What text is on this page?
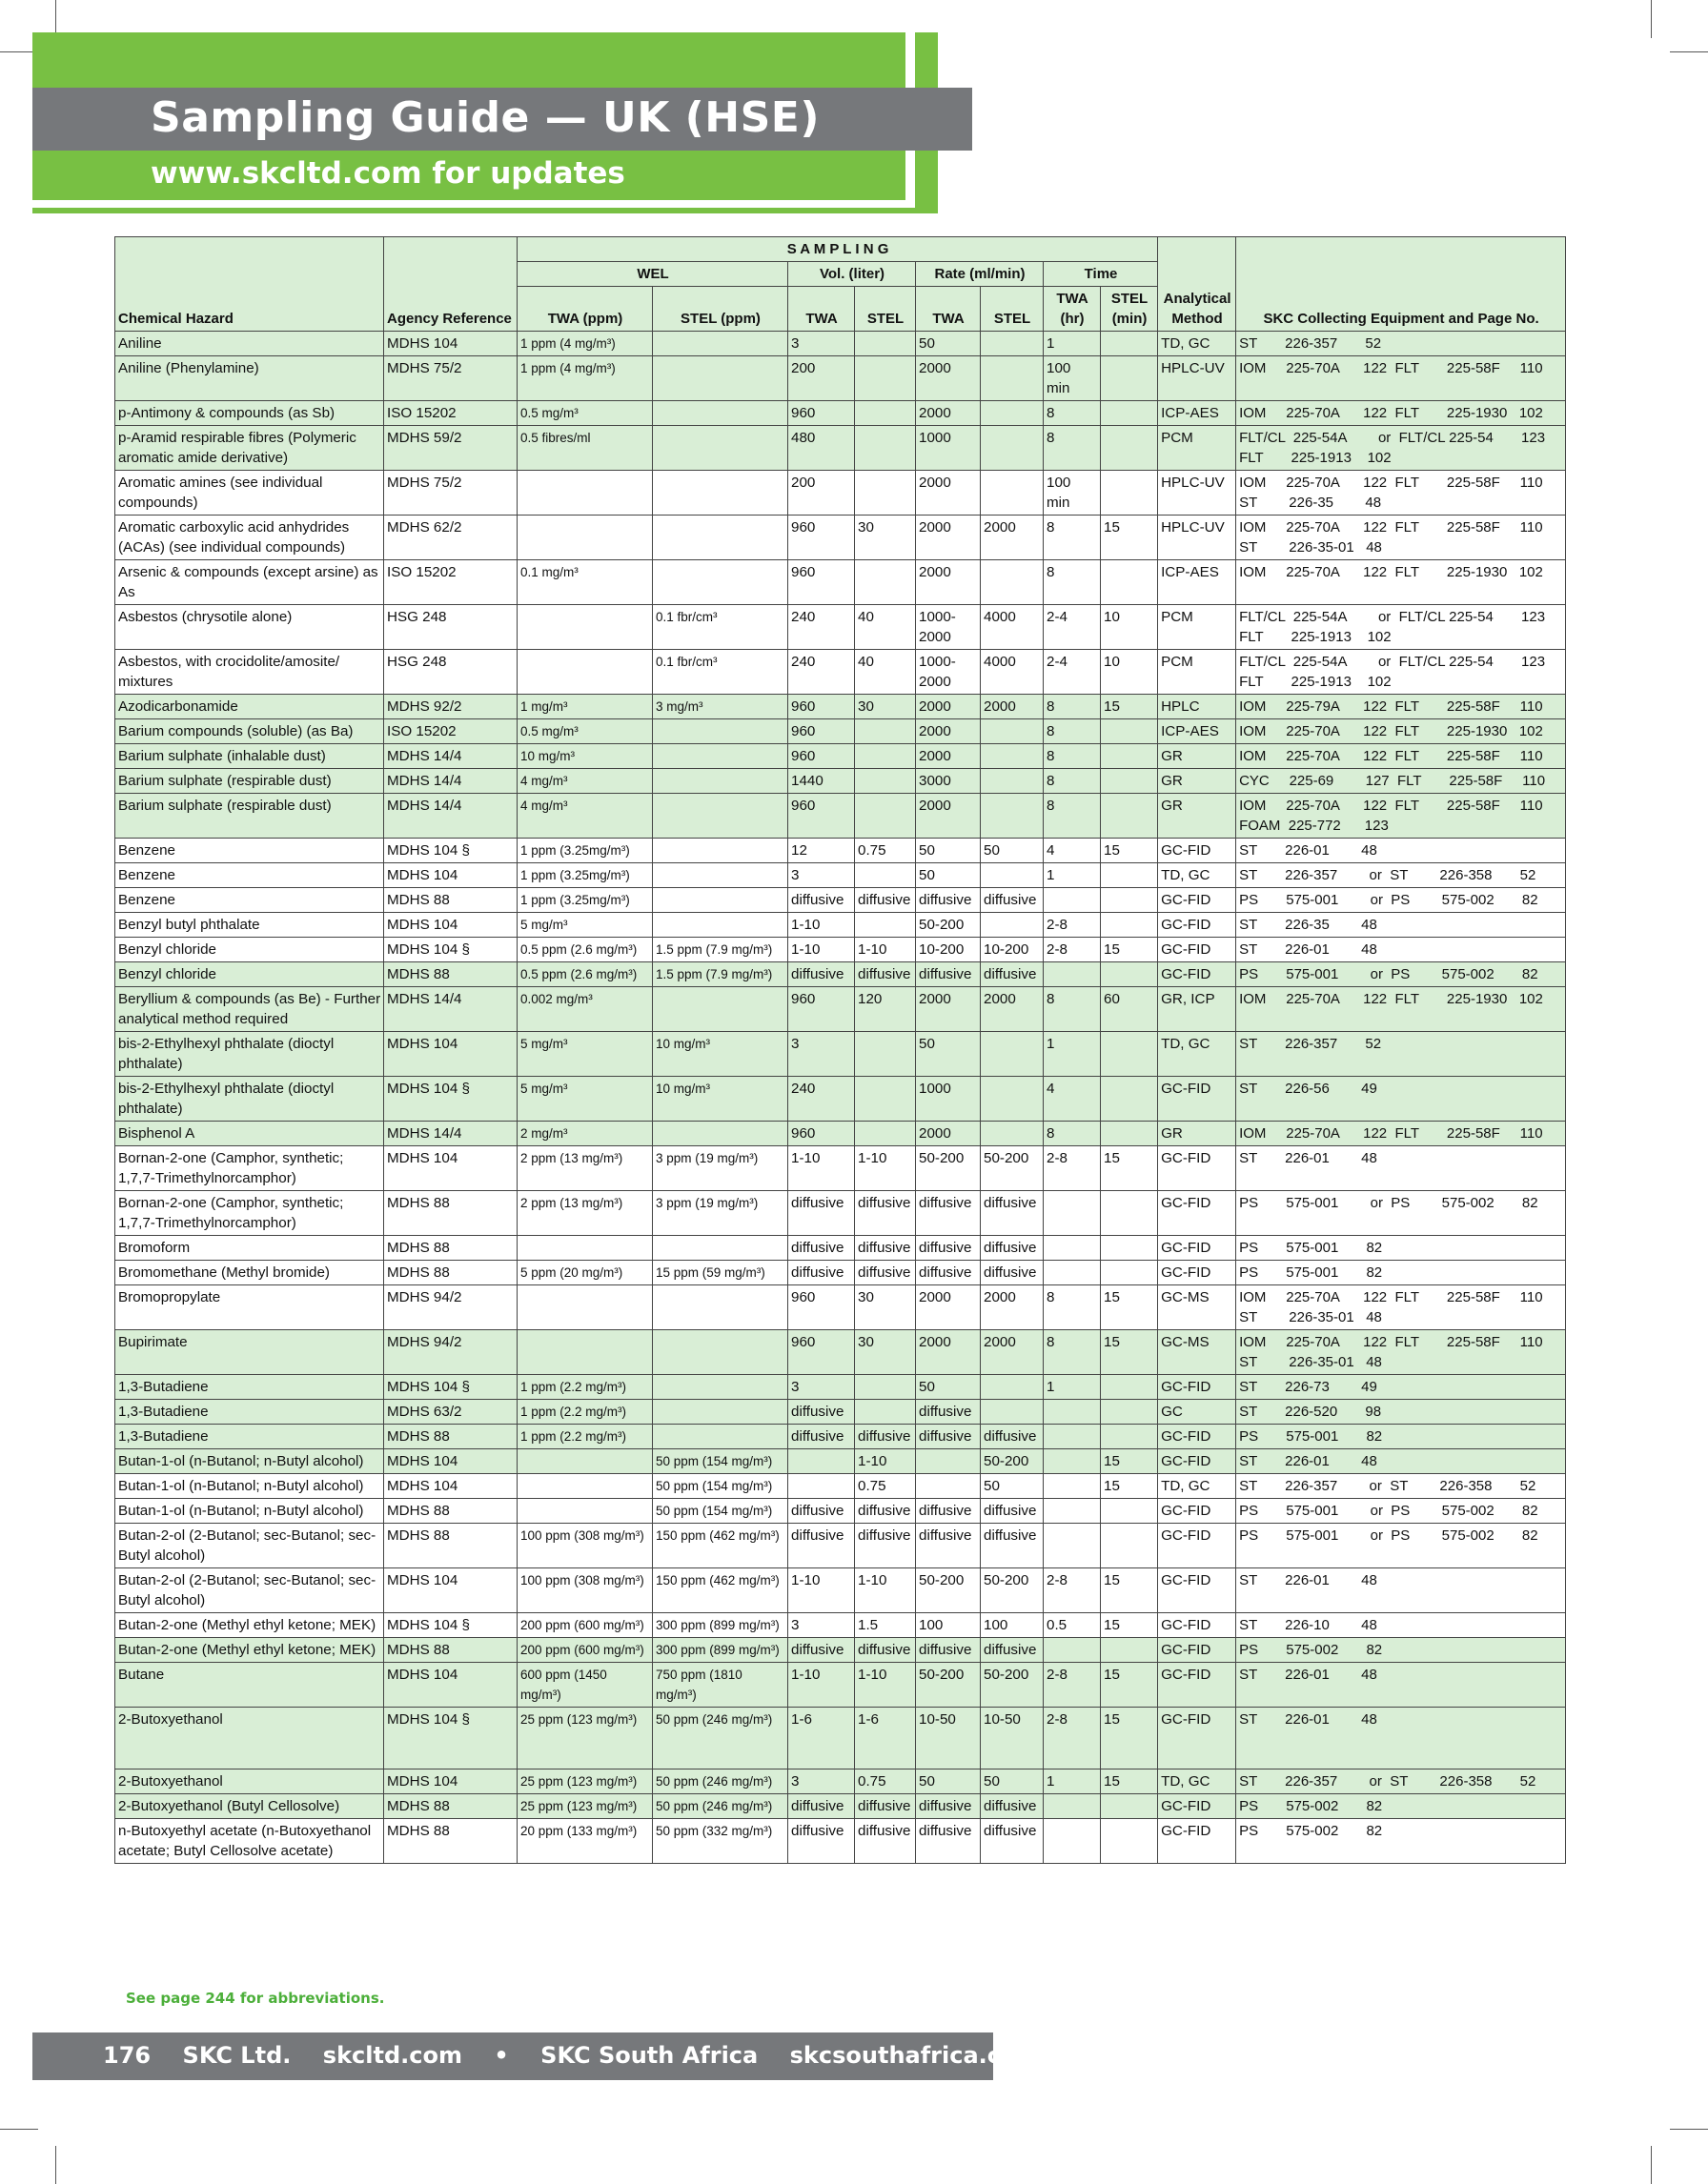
Sampling Guide — UK (HSE)
www.skcltd.com for updates
Chemical Hazard	Agency Reference	S A M P L I N G								Analytical Method	SKC Collecting Equipment and Page No.
		WEL		Vol. (liter)		Rate (ml/min)		Time			
		TWA (ppm)	STEL (ppm)	TWA	STEL	TWA	STEL	TWA (hr)	STEL (min)		
Aniline	MDHS 104	1 ppm (4 mg/m³)		3		50		1		TD, GC	ST       226-357       52
Aniline (Phenylamine)	MDHS 75/2	1 ppm (4 mg/m³)		200		2000		100 min		HPLC-UV	IOM     225-70A      122  FLT       225-58F     110
p-Antimony & compounds (as Sb)	ISO 15202	0.5 mg/m³		960		2000		8		ICP-AES	IOM     225-70A      122  FLT       225-1930   102
p-Aramid respirable fibres (Polymeric aromatic amide derivative)	MDHS 59/2	0.5 fibres/ml		480		1000		8		PCM	FLT/CL  225-54A        or  FLT/CL 225-54       123
FLT       225-1913    102
Aromatic amines (see individual compounds)	MDHS 75/2			200		2000		100 min		HPLC-UV	IOM     225-70A      122  FLT       225-58F     110
ST        226-35        48
Aromatic carboxylic acid anhydrides (ACAs) (see individual compounds)	MDHS 62/2			960	30	2000	2000	8	15	HPLC-UV	IOM     225-70A      122  FLT       225-58F     110
ST        226-35-01   48
Arsenic & compounds (except arsine) as As	ISO 15202	0.1 mg/m³		960		2000		8		ICP-AES	IOM     225-70A      122  FLT       225-1930   102
Asbestos (chrysotile alone)	HSG 248		0.1 fbr/cm³	240	40	1000-2000	4000	2-4	10	PCM	FLT/CL  225-54A        or  FLT/CL 225-54       123
FLT       225-1913    102
Asbestos, with crocidolite/amosite/ mixtures	HSG 248		0.1 fbr/cm³	240	40	1000-2000	4000	2-4	10	PCM	FLT/CL  225-54A        or  FLT/CL 225-54       123
FLT       225-1913    102
Azodicarbonamide	MDHS 92/2	1 mg/m³	3 mg/m³	960	30	2000	2000	8	15	HPLC	IOM     225-79A      122  FLT       225-58F     110
Barium compounds (soluble) (as Ba)	ISO 15202	0.5 mg/m³		960		2000		8		ICP-AES	IOM     225-70A      122  FLT       225-1930   102
Barium sulphate (inhalable dust)	MDHS 14/4	10 mg/m³		960		2000		8		GR	IOM     225-70A      122  FLT       225-58F     110
Barium sulphate (respirable dust)	MDHS 14/4	4 mg/m³		1440		3000		8		GR	CYC     225-69        127  FLT       225-58F     110
Barium sulphate (respirable dust)	MDHS 14/4	4 mg/m³		960		2000		8		GR	IOM     225-70A      122  FLT       225-58F     110
FOAM  225-772      123
Benzene	MDHS 104 §	1 ppm (3.25mg/m³)		12	0.75	50	50	4	15	GC-FID	ST       226-01        48
Benzene	MDHS 104	1 ppm (3.25mg/m³)		3		50		1		TD, GC	ST       226-357        or  ST        226-358       52
Benzene	MDHS 88	1 ppm (3.25mg/m³)		diffusive	diffusive	diffusive	diffusive			GC-FID	PS       575-001        or  PS        575-002       82
Benzyl butyl phthalate	MDHS 104	5 mg/m³		1-10		50-200		2-8		GC-FID	ST       226-35        48
Benzyl chloride	MDHS 104 §	0.5 ppm (2.6 mg/m³)	1.5 ppm (7.9 mg/m³)	1-10	1-10	10-200	10-200	2-8	15	GC-FID	ST       226-01        48
Benzyl chloride	MDHS 88	0.5 ppm (2.6 mg/m³)	1.5 ppm (7.9 mg/m³)	diffusive	diffusive	diffusive	diffusive			GC-FID	PS       575-001        or  PS        575-002       82
Beryllium & compounds (as Be) - Further analytical method required	MDHS 14/4	0.002 mg/m³		960	120	2000	2000	8	60	GR, ICP	IOM     225-70A      122  FLT       225-1930   102
bis-2-Ethylhexyl phthalate (dioctyl phthalate)	MDHS 104	5 mg/m³	10 mg/m³	3		50		1		TD, GC	ST       226-357       52
bis-2-Ethylhexyl phthalate (dioctyl phthalate)	MDHS 104 §	5 mg/m³	10 mg/m³	240		1000		4		GC-FID	ST       226-56        49
Bisphenol A	MDHS 14/4	2 mg/m³		960		2000		8		GR	IOM     225-70A      122  FLT       225-58F     110
Bornan-2-one (Camphor, synthetic; 1,7,7-Trimethylnorcamphor)	MDHS 104	2 ppm (13 mg/m³)	3 ppm (19 mg/m³)	1-10	1-10	50-200	50-200	2-8	15	GC-FID	ST       226-01        48
Bornan-2-one (Camphor, synthetic; 1,7,7-Trimethylnorcamphor)	MDHS 88	2 ppm (13 mg/m³)	3 ppm (19 mg/m³)	diffusive	diffusive	diffusive	diffusive			GC-FID	PS       575-001        or  PS        575-002       82
Bromoform	MDHS 88			diffusive	diffusive	diffusive	diffusive			GC-FID	PS       575-001       82
Bromomethane (Methyl bromide)	MDHS 88	5 ppm (20 mg/m³)	15 ppm (59 mg/m³)	diffusive	diffusive	diffusive	diffusive			GC-FID	PS       575-001       82
Bromopropylate	MDHS 94/2			960	30	2000	2000	8	15	GC-MS	IOM     225-70A      122  FLT       225-58F     110
ST        226-35-01   48
Bupirimate	MDHS 94/2			960	30	2000	2000	8	15	GC-MS	IOM     225-70A      122  FLT       225-58F     110
ST        226-35-01   48
1,3-Butadiene	MDHS 104 §	1 ppm (2.2 mg/m³)		3		50		1		GC-FID	ST       226-73        49
1,3-Butadiene	MDHS 63/2	1 ppm (2.2 mg/m³)		diffusive		diffusive				GC	ST       226-520       98
1,3-Butadiene	MDHS 88	1 ppm (2.2 mg/m³)		diffusive	diffusive	diffusive	diffusive			GC-FID	PS       575-001       82
Butan-1-ol (n-Butanol; n-Butyl alcohol)	MDHS 104		50 ppm (154 mg/m³)		1-10		50-200		15	GC-FID	ST       226-01        48
Butan-1-ol (n-Butanol; n-Butyl alcohol)	MDHS 104		50 ppm (154 mg/m³)		0.75		50		15	TD, GC	ST       226-357        or  ST        226-358       52
Butan-1-ol (n-Butanol; n-Butyl alcohol)	MDHS 88		50 ppm (154 mg/m³)	diffusive	diffusive	diffusive	diffusive			GC-FID	PS       575-001        or  PS        575-002       82
Butan-2-ol (2-Butanol; sec-Butanol; sec-Butyl alcohol)	MDHS 88	100 ppm (308 mg/m³)	150 ppm (462 mg/m³)	diffusive	diffusive	diffusive	diffusive			GC-FID	PS       575-001        or  PS        575-002       82
Butan-2-ol (2-Butanol; sec-Butanol; sec-Butyl alcohol)	MDHS 104	100 ppm (308 mg/m³)	150 ppm (462 mg/m³)	1-10	1-10	50-200	50-200	2-8	15	GC-FID	ST       226-01        48
Butan-2-one (Methyl ethyl ketone; MEK)	MDHS 104 §	200 ppm (600 mg/m³)	300 ppm (899 mg/m³)	3	1.5	100	100	0.5	15	GC-FID	ST       226-10        48
Butan-2-one (Methyl ethyl ketone; MEK)	MDHS 88	200 ppm (600 mg/m³)	300 ppm (899 mg/m³)	diffusive	diffusive	diffusive	diffusive			GC-FID	PS       575-002       82
Butane	MDHS 104	600 ppm (1450 mg/m³)	750 ppm (1810 mg/m³)	1-10	1-10	50-200	50-200	2-8	15	GC-FID	ST       226-01        48
2-Butoxyethanol	MDHS 104 §	25 ppm (123 mg/m³)	50 ppm (246 mg/m³)	1-6	1-6	10-50	10-50	2-8	15	GC-FID	ST       226-01        48
2-Butoxyethanol	MDHS 104	25 ppm (123 mg/m³)	50 ppm (246 mg/m³)	3	0.75	50	50	1	15	TD, GC	ST       226-357        or  ST        226-358       52
2-Butoxyethanol (Butyl Cellosolve)	MDHS 88	25 ppm (123 mg/m³)	50 ppm (246 mg/m³)	diffusive	diffusive	diffusive	diffusive			GC-FID	PS       575-002       82
n-Butoxyethyl acetate (n-Butoxyethanol acetate; Butyl Cellosolve acetate)	MDHS 88	20 ppm (133 mg/m³)	50 ppm (332 mg/m³)	diffusive	diffusive	diffusive	diffusive			GC-FID	PS       575-002       82
See page 244 for abbreviations.
176 SKC Ltd.    skcltd.com    •    SKC South Africa    skcsouthafrica.co.za
